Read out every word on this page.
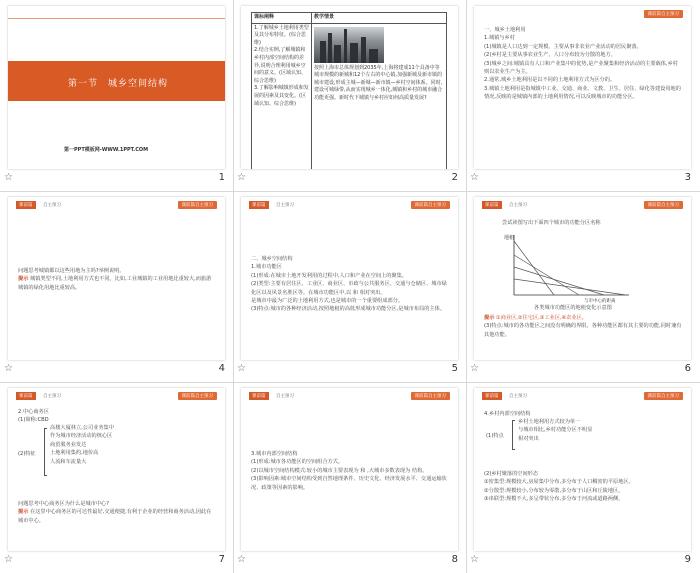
第一节　城乡空间结构
第一PPT模板网-WWW.1PPT.COM
☆	1
课标阐释	教学情景

1.了解城乡土地利用类型及其分布特征。(综合思维)
2.结合实例,了解城镇和乡村内部空间结构的差异,说明合理利用城乡空间的意义。(区域认知、综合思维)
3.了解影响城镇形成和发展的因素及其变化。(区域认知、综合思维)	按照上海市总体规划到2035年,上海将建成11个具备中等城市规模的新城和12个左右的中心镇,加强新城及新市镇的城市建设,形成主城—新城—新市镇—乡村空间体系。同时,建设可城绿带,从而实现城乡一体化,城镇和乡村的城市融合功能更强。新时代下城镇与乡村应如何高质量发展?
☆	2
课前篇自主预习
一、城乡土地利用
1.城镇与乡村
(1)城镇是人口达到一定规模、主要从事非农业产业活动的居民聚落。
(2)乡村是主要从事农业生产、人口分布较为分散的地方。
(3)城乡之间:城镇具有人口和产业集中的优势,是产业聚集和经济活动的主要载体,乡村则以农业生产为主。
2.通常,城乡土地利用是以不同的土地利用方式为区分的。
3.城镇土地利用是指城镇中工业、交通、商业、文教、卫生、居住、绿化等建设用地的情况,反映的是城镇内部的土地利用情况,可以反映城市的功能分区。
☆	3
课前篇	自主预习	课前篇自主预习
问题思考城镇都以这些用地为主吗?举例说明。
提示 城镇类型不同,土地利用方式也不同。比如,工业城镇的工业用地比重较大,而旅游城镇的绿化用地比重较高。
☆	4
课前篇	自主预习	课前篇自主预习
二、城乡空间结构
1.城市功能区
(1)形成:在城市土地开发利用的过程中,人口和产业在空间上的聚集。
(2)类型:主要有居住区、工业区、商业区、市政与公共服务区、交通与仓储区、城市绿化区以及风景名胜区等。在城市功能区中,以 和 相对突出。
是城市中最为广泛的土地利用方式,也是城市的一个重要组成部分。
(3)特点:城市的各种经济活动,按照地租的高低形成城市功能分区,是城市布局的主体。
☆	5
课前篇	自主预习	课前篇自主预习
尝试读图写出下面四个城市的功能分区名称
地租
与市中心的距离
各类城市功能区的地租变化示意图
提示 ①商业区,②住宅区,③工业区,④农业区。
(3)特点:城市的各功能区之间没有明确的界限。各种功能区都有其主要的功能,同时兼有其他功能。
☆	6
课前篇	自主预习	课前篇自主预习
2.中心商务区
(1)简称:CBD
(2)特征
高楼大厦林立,公司业务集中
作为城市经济活动的核心区
商贸服务业发达
土地利用集约,地价高
人流和车流量大
问题思考中心商务区为什么是城市中心?
提示 在这里中心商务区的可达性最好,交通便捷,有利于企业的经营和商务活动,因此在城市中心。
☆	7
课前篇	自主预习	课前篇自主预习
3.城市内部空间结构
(1)形成:城市各功能区的空间组合方式。
(2)以城市空间结构模式:较小的城市主要表现为 和 ,大城市多数表现为 结构。
(3)影响因素:城市空间结构受到自然地理条件、历史文化、经济发展水平、交通运输状况、政策等因素的影响。
☆	8
课前篇	自主预习	课前篇自主预习
4.乡村内部空间结构
(1)特点
乡村土地利用方式较为单一
与城市相比,乡村功能分区不明显
相对突出
(2)乡村聚落的空间形态
①密集型:规模较大,房屋集中分布,多分布于人口稠密的平原地区。
②分散型:规模较小,分布较为零散,多分布于山区和丘陵地区。
③串联型:规模不大,多呈带状分布,多分布于河流或道路两侧。
☆	9
